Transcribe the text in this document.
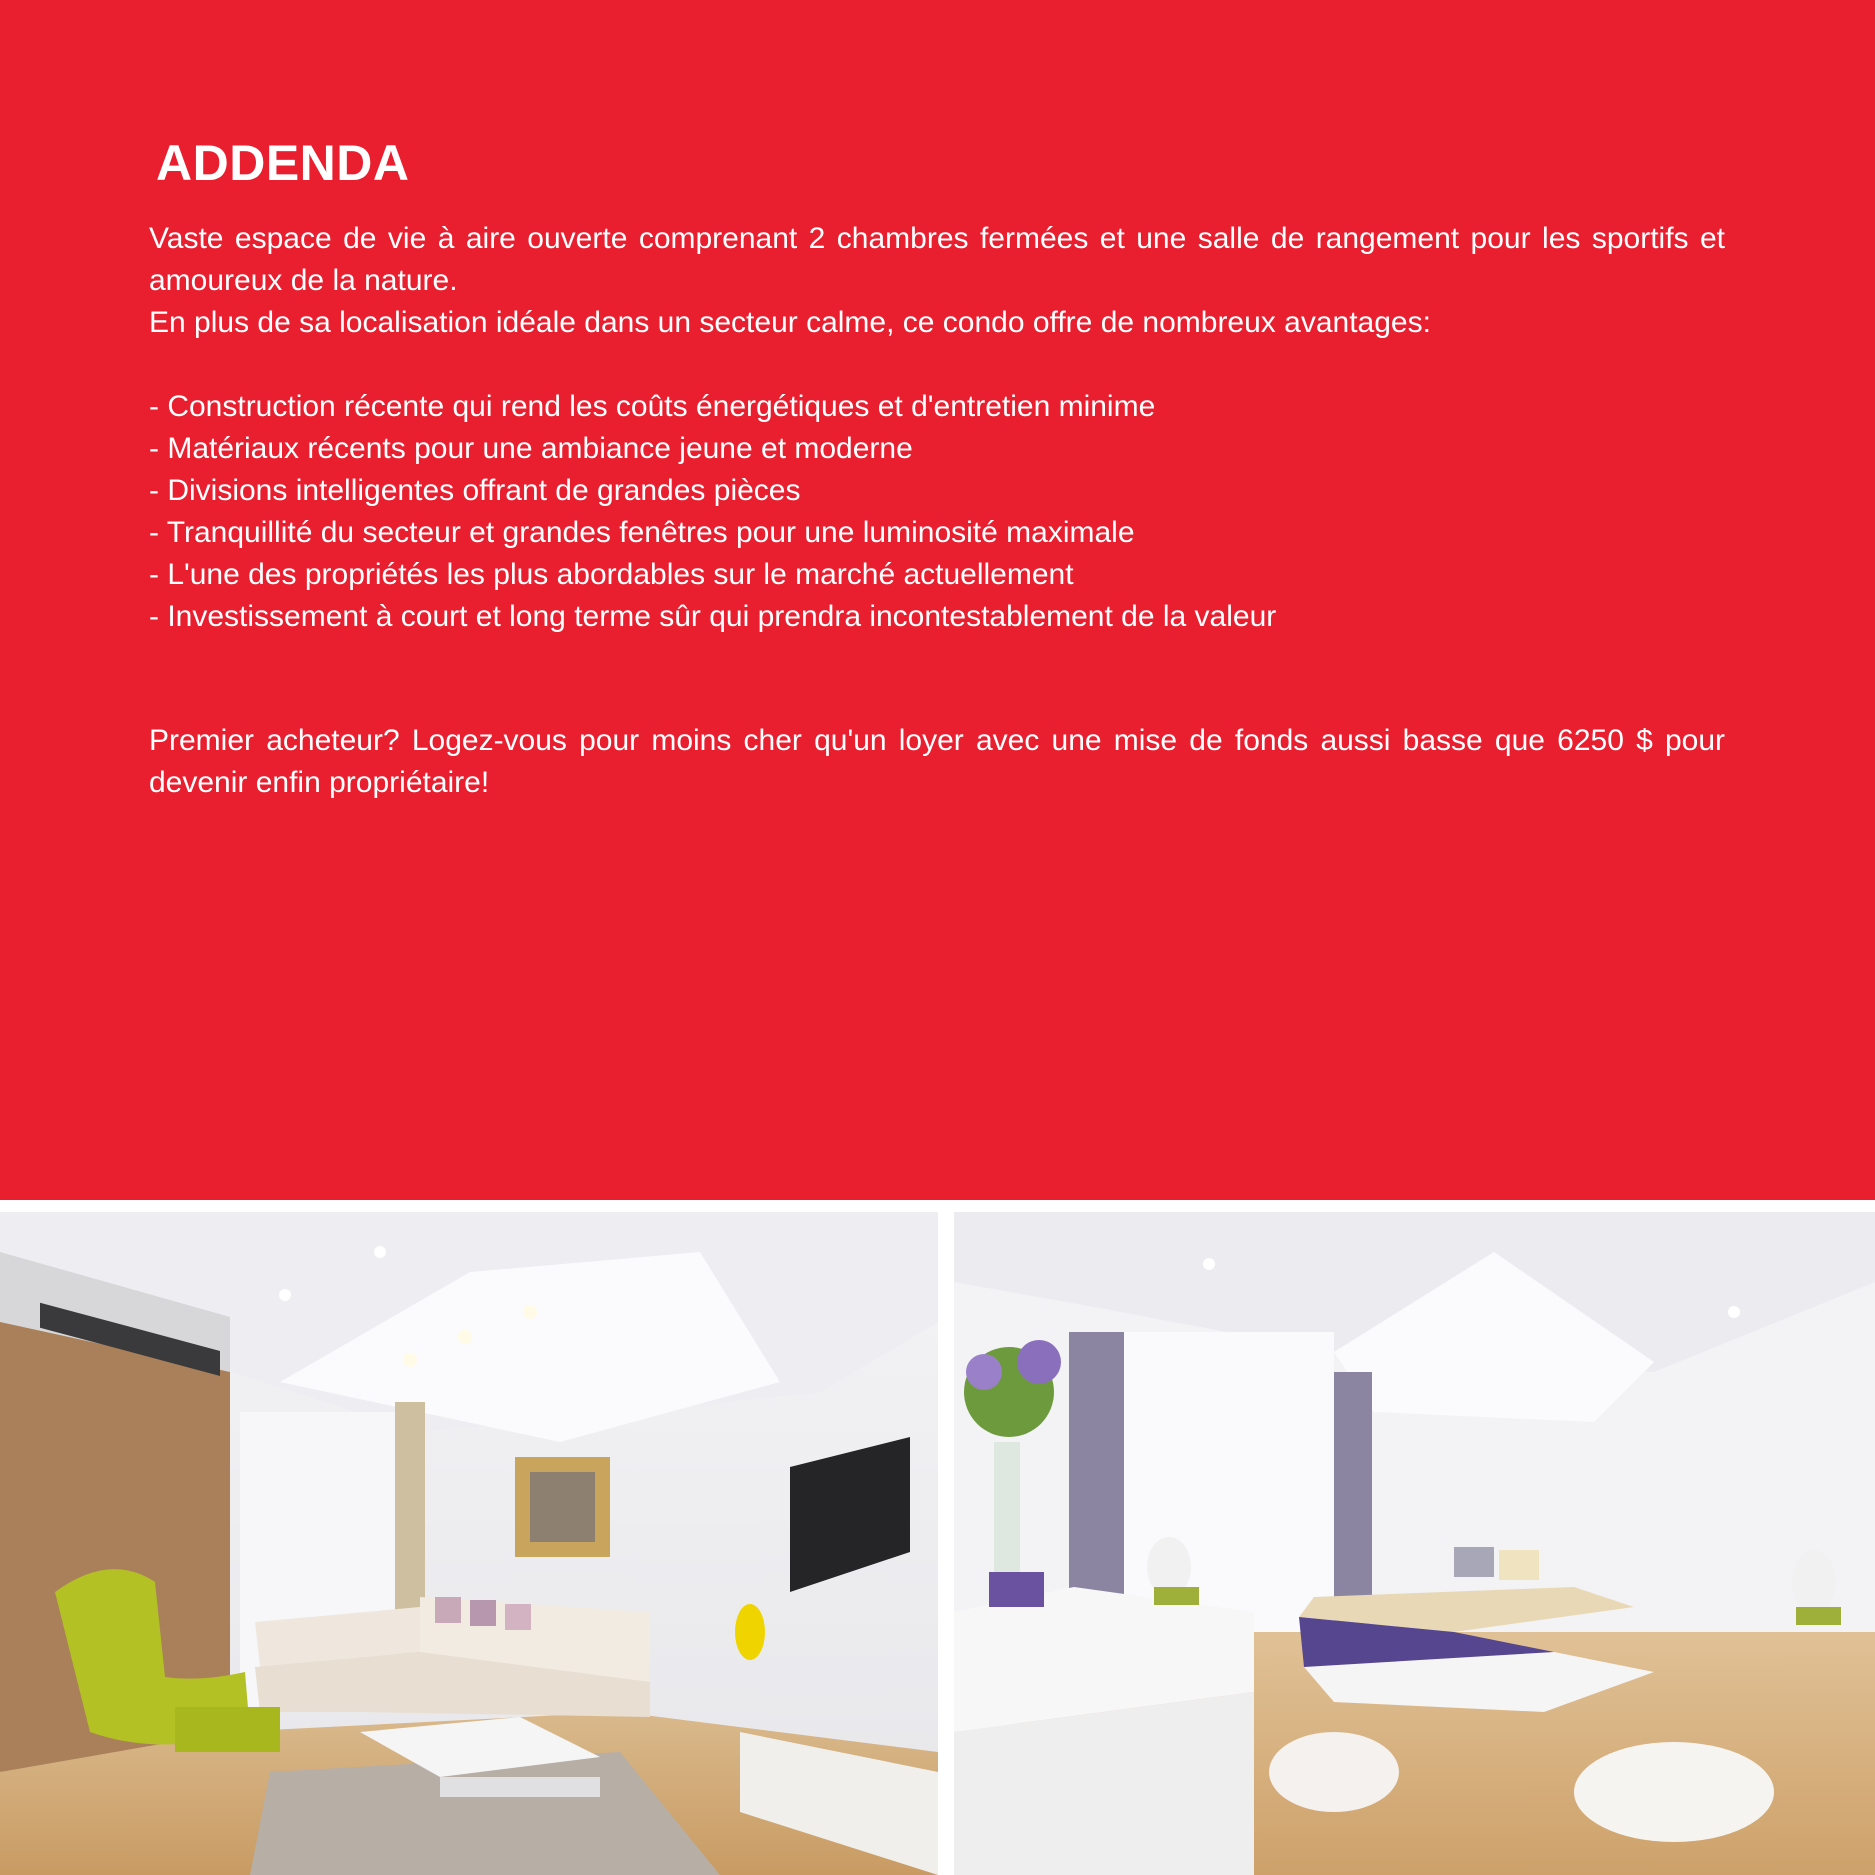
ADDENDA

Vaste espace de vie à aire ouverte comprenant 2 chambres fermées et une salle de rangement pour les sportifs et amoureux de la nature.

En plus de sa localisation idéale dans un secteur calme, ce condo offre de nombreux avantages:

- Construction récente qui rend les coûts énergétiques et d'entretien minime
- Matériaux récents pour une ambiance jeune et moderne
- Divisions intelligentes offrant de grandes pièces
- Tranquillité du secteur et grandes fenêtres pour une luminosité maximale
- L'une des propriétés les plus abordables sur le marché actuellement
- Investissement à court et long terme sûr qui prendra incontestablement de la valeur

Premier acheteur? Logez-vous pour moins cher qu'un loyer avec une mise de fonds aussi basse que 6250 $ pour devenir enfin propriétaire!
